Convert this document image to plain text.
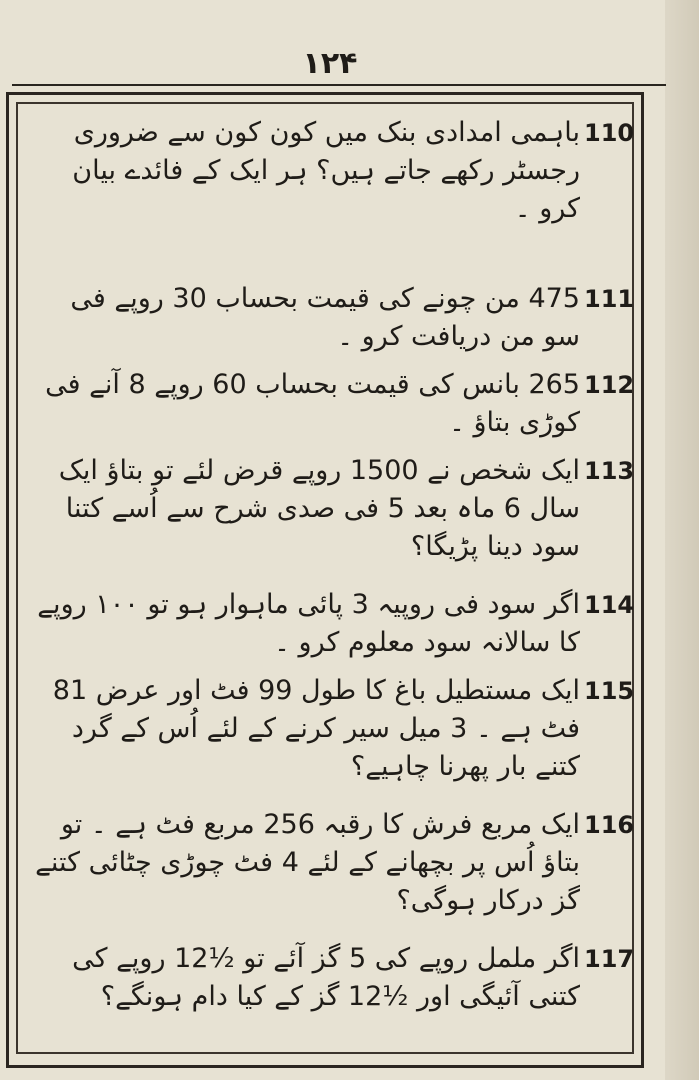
۱۲۴
110
باہمی امدادی بنک میں کون کون سے ضروری رجسٹر رکھے جاتے ہیں؟ ہر ایک کے فائدے بیان کرو ۔
111
475 من چونے کی قیمت بحساب 30 روپے فی سو من دریافت کرو ۔
112
265 بانس کی قیمت بحساب 60 روپے 8 آنے فی کوڑی بتاؤ ۔
113
ایک شخص نے 1500 روپے قرض لئے تو بتاؤ ایک سال 6 ماہ بعد 5 فی صدی شرح سے اُسے کتنا سود دینا پڑیگا؟
114
اگر سود فی روپیہ 3 پائی ماہوار ہو تو ۱۰۰ روپے کا سالانہ سود معلوم کرو ۔
115
ایک مستطیل باغ کا طول 99 فٹ اور عرض 81 فٹ ہے ۔ 3 میل سیر کرنے کے لئے اُس کے گرد کتنے بار پھرنا چاہیے؟
116
ایک مربع فرش کا رقبہ 256 مربع فٹ ہے ۔ تو بتاؤ اُس پر بچھانے کے لئے 4 فٹ چوڑی چٹائی کتنے گز درکار ہوگی؟
117
اگر ململ روپے کی 5 گز آئے تو ½12 روپے کی کتنی آئیگی اور ½12 گز کے کیا دام ہونگے؟
